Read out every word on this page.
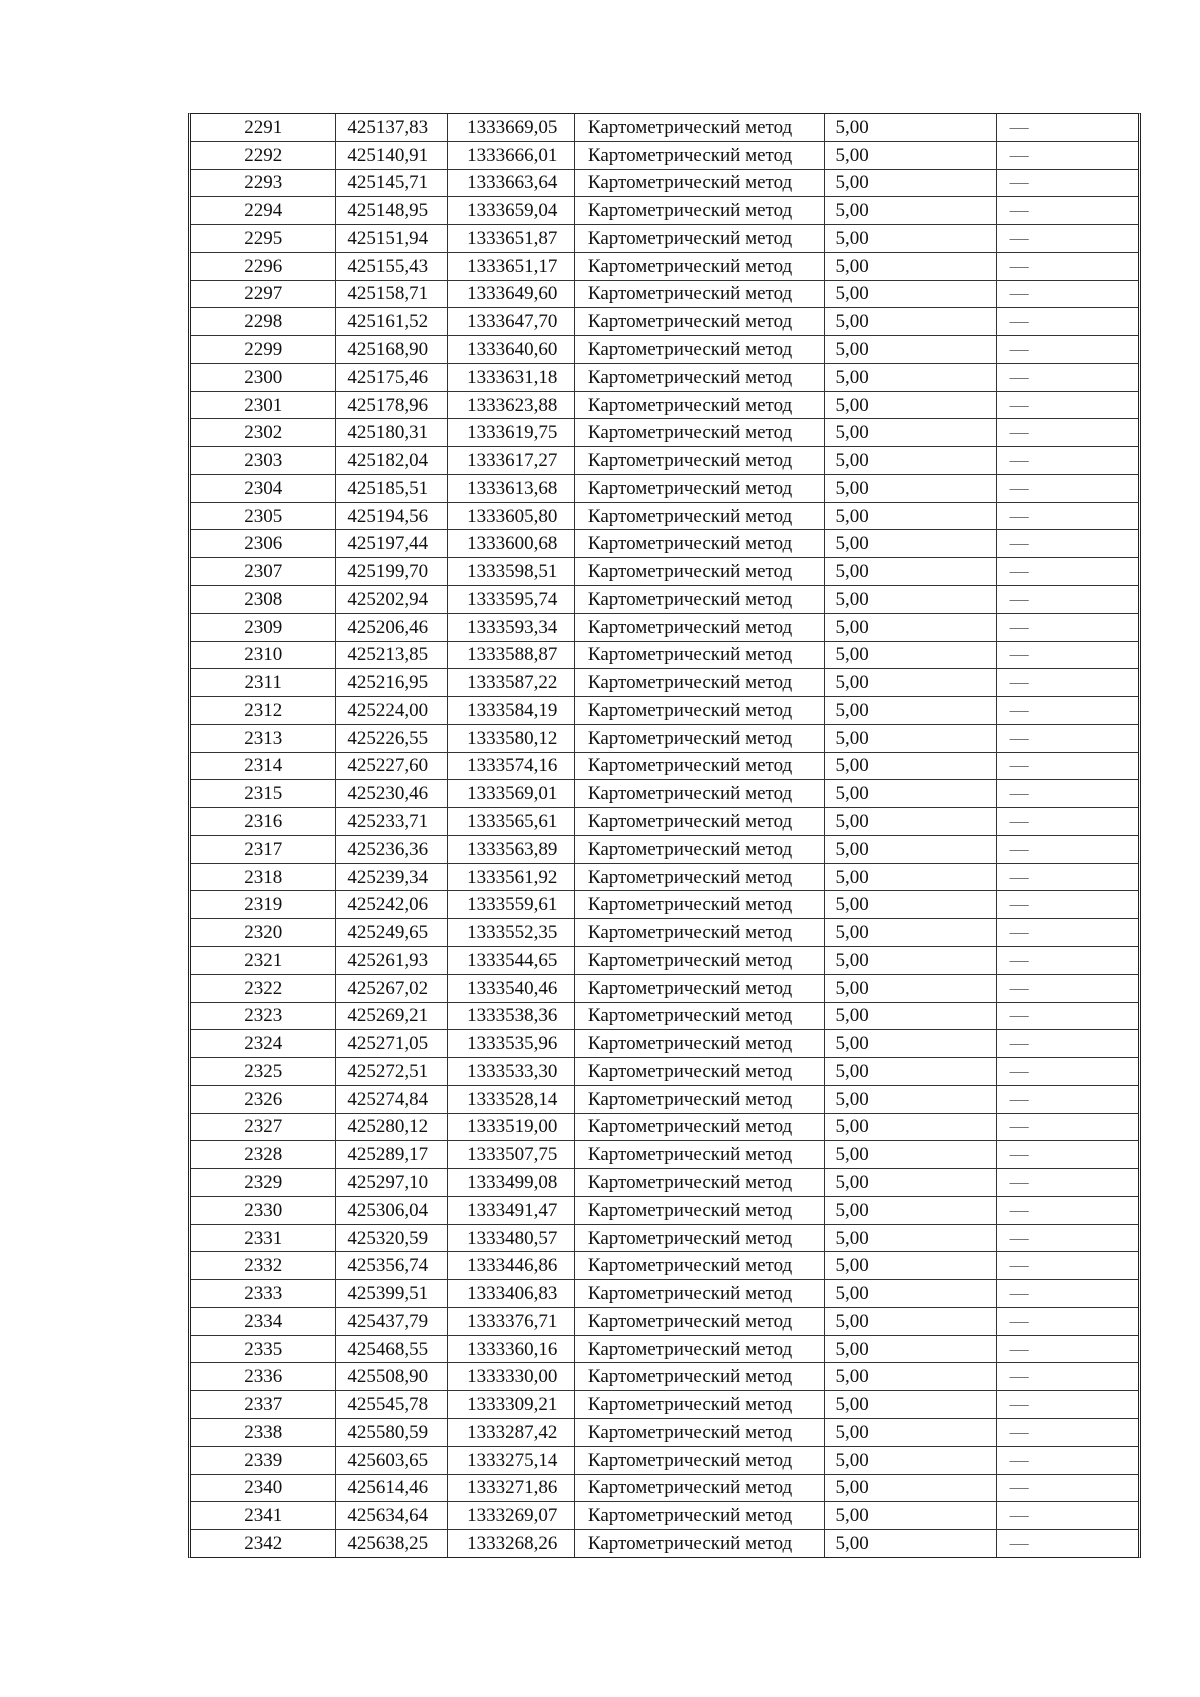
2291	425137,83	1333669,05	Картометрический метод	5,00	—
2292	425140,91	1333666,01	Картометрический метод	5,00	—
2293	425145,71	1333663,64	Картометрический метод	5,00	—
2294	425148,95	1333659,04	Картометрический метод	5,00	—
2295	425151,94	1333651,87	Картометрический метод	5,00	—
2296	425155,43	1333651,17	Картометрический метод	5,00	—
2297	425158,71	1333649,60	Картометрический метод	5,00	—
2298	425161,52	1333647,70	Картометрический метод	5,00	—
2299	425168,90	1333640,60	Картометрический метод	5,00	—
2300	425175,46	1333631,18	Картометрический метод	5,00	—
2301	425178,96	1333623,88	Картометрический метод	5,00	—
2302	425180,31	1333619,75	Картометрический метод	5,00	—
2303	425182,04	1333617,27	Картометрический метод	5,00	—
2304	425185,51	1333613,68	Картометрический метод	5,00	—
2305	425194,56	1333605,80	Картометрический метод	5,00	—
2306	425197,44	1333600,68	Картометрический метод	5,00	—
2307	425199,70	1333598,51	Картометрический метод	5,00	—
2308	425202,94	1333595,74	Картометрический метод	5,00	—
2309	425206,46	1333593,34	Картометрический метод	5,00	—
2310	425213,85	1333588,87	Картометрический метод	5,00	—
2311	425216,95	1333587,22	Картометрический метод	5,00	—
2312	425224,00	1333584,19	Картометрический метод	5,00	—
2313	425226,55	1333580,12	Картометрический метод	5,00	—
2314	425227,60	1333574,16	Картометрический метод	5,00	—
2315	425230,46	1333569,01	Картометрический метод	5,00	—
2316	425233,71	1333565,61	Картометрический метод	5,00	—
2317	425236,36	1333563,89	Картометрический метод	5,00	—
2318	425239,34	1333561,92	Картометрический метод	5,00	—
2319	425242,06	1333559,61	Картометрический метод	5,00	—
2320	425249,65	1333552,35	Картометрический метод	5,00	—
2321	425261,93	1333544,65	Картометрический метод	5,00	—
2322	425267,02	1333540,46	Картометрический метод	5,00	—
2323	425269,21	1333538,36	Картометрический метод	5,00	—
2324	425271,05	1333535,96	Картометрический метод	5,00	—
2325	425272,51	1333533,30	Картометрический метод	5,00	—
2326	425274,84	1333528,14	Картометрический метод	5,00	—
2327	425280,12	1333519,00	Картометрический метод	5,00	—
2328	425289,17	1333507,75	Картометрический метод	5,00	—
2329	425297,10	1333499,08	Картометрический метод	5,00	—
2330	425306,04	1333491,47	Картометрический метод	5,00	—
2331	425320,59	1333480,57	Картометрический метод	5,00	—
2332	425356,74	1333446,86	Картометрический метод	5,00	—
2333	425399,51	1333406,83	Картометрический метод	5,00	—
2334	425437,79	1333376,71	Картометрический метод	5,00	—
2335	425468,55	1333360,16	Картометрический метод	5,00	—
2336	425508,90	1333330,00	Картометрический метод	5,00	—
2337	425545,78	1333309,21	Картометрический метод	5,00	—
2338	425580,59	1333287,42	Картометрический метод	5,00	—
2339	425603,65	1333275,14	Картометрический метод	5,00	—
2340	425614,46	1333271,86	Картометрический метод	5,00	—
2341	425634,64	1333269,07	Картометрический метод	5,00	—
2342	425638,25	1333268,26	Картометрический метод	5,00	—
